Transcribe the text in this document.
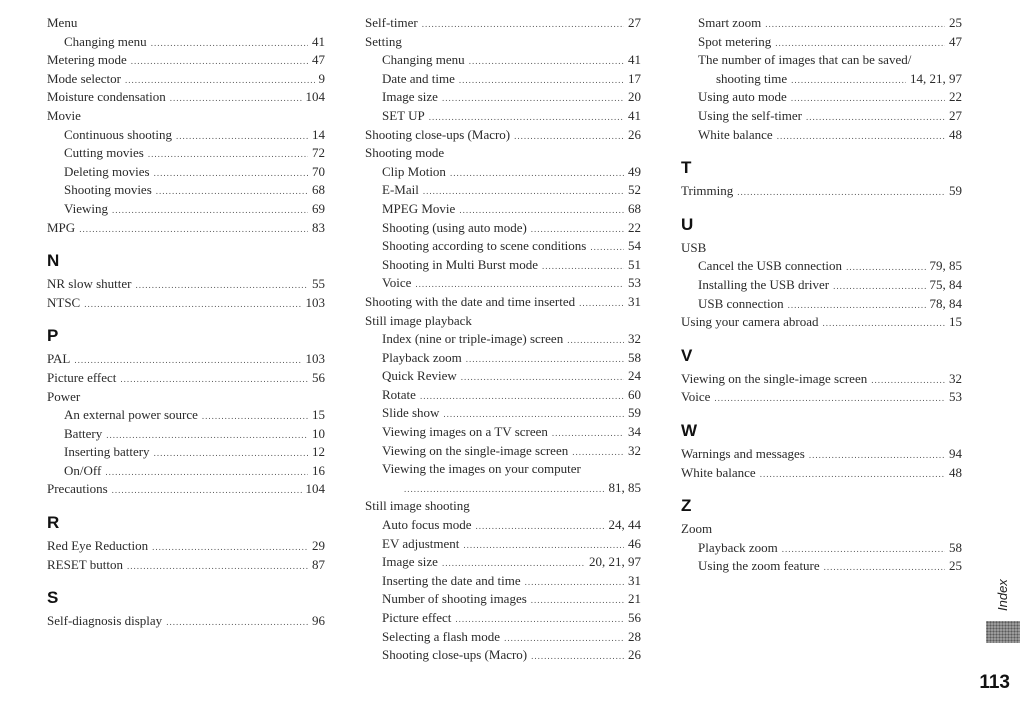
Menu
Changing menu .....	41
Metering mode .....	47
Mode selector .....	9
Moisture condensation .....	104
Movie
Continuous shooting .....	14
Cutting movies .....	72
Deleting movies .....	70
Shooting movies .....	68
Viewing .....	69
MPG .....	83
N
NR slow shutter .....	55
NTSC .....	103
P
PAL .....	103
Picture effect .....	56
Power
An external power source .....	15
Battery .....	10
Inserting battery .....	12
On/Off .....	16
Precautions .....	104
R
Red Eye Reduction .....	29
RESET button .....	87
S
Self-diagnosis display .....	96
Self-timer .....	27
Setting
Changing menu .....	41
Date and time .....	17
Image size .....	20
SET UP .....	41
Shooting close-ups (Macro) .....	26
Shooting mode
Clip Motion .....	49
E-Mail .....	52
MPEG Movie .....	68
Shooting (using auto mode) .....	22
Shooting according to scene conditions .....	54
Shooting in Multi Burst mode .....	51
Voice .....	53
Shooting with the date and time inserted .....	31
Still image playback
Index (nine or triple-image) screen .....	32
Playback zoom .....	58
Quick Review .....	24
Rotate .....	60
Slide show .....	59
Viewing images on a TV screen .....	34
Viewing on the single-image screen .....	32
Viewing the images on your computer
.....
81, 85
Still image shooting
Auto focus mode .....	24, 44
EV adjustment .....	46
Image size .....	20, 21, 97
Inserting the date and time .....	31
Number of shooting images .....	21
Picture effect .....	56
Selecting a flash mode .....	28
Shooting close-ups (Macro) .....	26
Smart zoom .....	25
Spot metering .....	47
The number of images that can be saved/
shooting time .....	14, 21, 97
Using auto mode .....	22
Using the self-timer .....	27
White balance .....	48
T
Trimming .....	59
U
USB
Cancel the USB connection .....	79, 85
Installing the USB driver .....	75, 84
USB connection .....	78, 84
Using your camera abroad .....	15
V
Viewing on the single-image screen .....	32
Voice .....	53
W
Warnings and messages .....	94
White balance .....	48
Z
Zoom
Playback zoom .....	58
Using the zoom feature .....	25
Index
113
